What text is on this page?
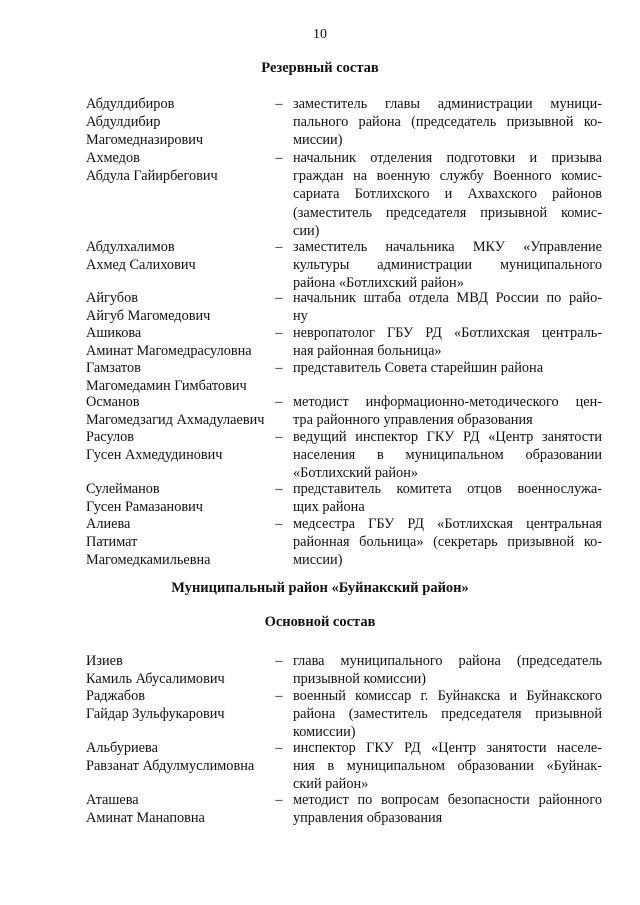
10
Резервный состав
Муниципальный район «Буйнакский район»
Основной состав
Абдулдибиров
Абдулдибир
Магомедназирович
– заместитель главы администрации муници-
пального района (председатель призывной ко-
миссии)
Ахмедов
Абдула Гайирбегович
– начальник отделения подготовки и призыва
граждан на военную службу Военного комис-
сариата Ботлихского и Ахвахского районов
(заместитель председателя призывной комис-
сии)
Абдулхалимов
Ахмед Салихович
– заместитель начальника МКУ «Управление
культуры администрации муниципального
района «Ботлихский район»
Айгубов
Айгуб Магомедович
– начальник штаба отдела МВД России по райо-
ну
Ашикова
Аминат Магомедрасуловна
– невропатолог ГБУ РД «Ботлихская централь-
ная районная больница»
Гамзатов
Магомедамин Гимбатович
– представитель Совета старейшин района
Османов
Магомедзагид Ахмадулаевич
– методист информационно-методического цен-
тра районного управления образования
Расулов
Гусен Ахмедудинович
– ведущий инспектор ГКУ РД «Центр занятости
населения в муниципальном образовании
«Ботлихский район»
Сулейманов
Гусен Рамазанович
– представитель комитета отцов военнослужа-
щих района
Алиева
Патимат
Магомедкамильевна
– медсестра ГБУ РД «Ботлихская центральная
районная больница» (секретарь призывной ко-
миссии)
Изиев
Камиль Абусалимович
– глава муниципального района (председатель
призывной комиссии)
Раджабов
Гайдар Зульфукарович
– военный комиссар г. Буйнакска и Буйнакского
района (заместитель председателя призывной
комиссии)
Альбуриева
Равзанат Абдулмуслимовна
– инспектор ГКУ РД «Центр занятости населе-
ния в муниципальном образовании «Буйнак-
ский район»
Аташева
Аминат Манаповна
– методист по вопросам безопасности районного
управления образования
